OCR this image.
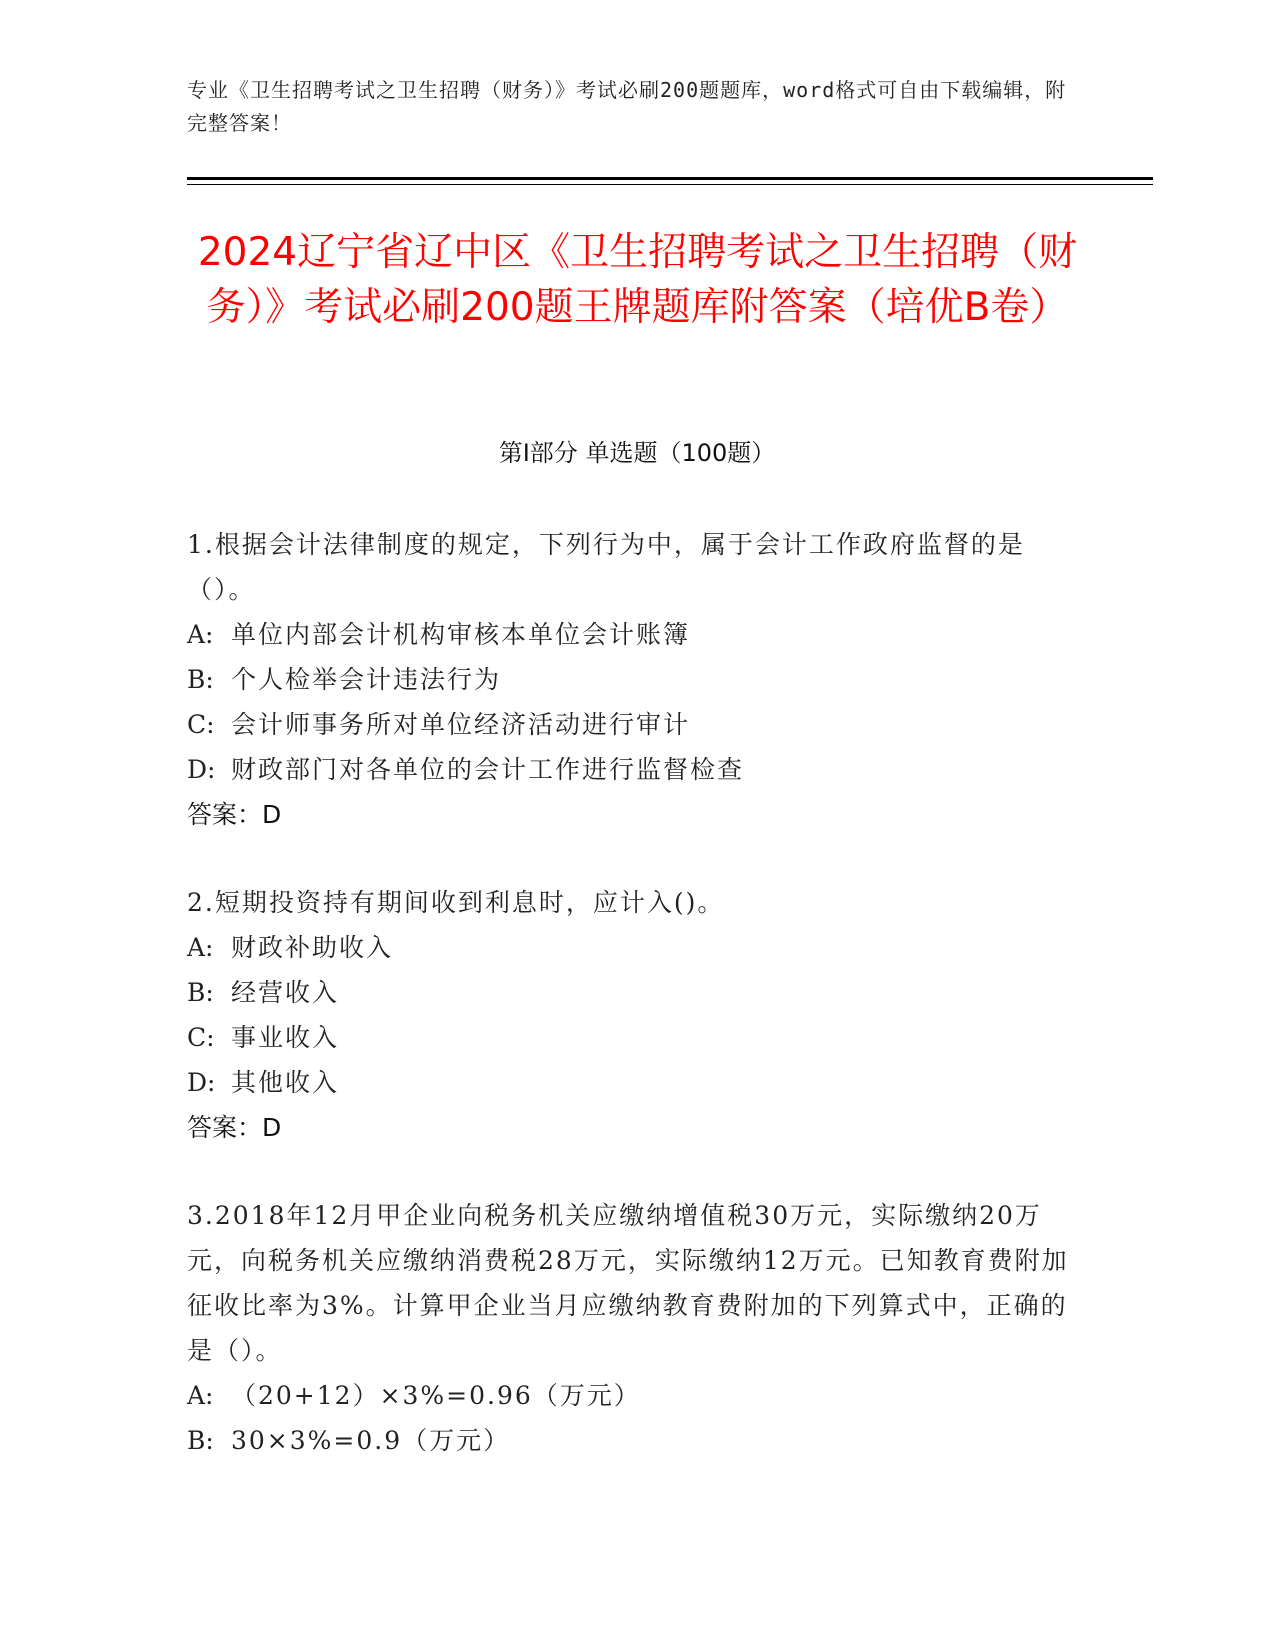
专业《卫生招聘考试之卫生招聘（财务）》考试必刷200题题库，word格式可自由下载编辑，附完整答案！

2024辽宁省辽中区《卫生招聘考试之卫生招聘（财务）》考试必刷200题王牌题库附答案（培优B卷）
第Ⅰ部分 单选题（100题）

1.根据会计法律制度的规定，下列行为中，属于会计工作政府监督的是（）。

A: 单位内部会计机构审核本单位会计账簿
B: 个人检举会计违法行为
C: 会计师事务所对单位经济活动进行审计
D: 财政部门对各单位的会计工作进行监督检查

答案：D

2.短期投资持有期间收到利息时，应计入()。

A: 财政补助收入
B: 经营收入
C: 事业收入
D: 其他收入

答案：D

3.2018年12月甲企业向税务机关应缴纳增值税30万元，实际缴纳20万元，向税务机关应缴纳消费税28万元，实际缴纳12万元。已知教育费附加征收比率为3%。计算甲企业当月应缴纳教育费附加的下列算式中，正确的是（）。

A: （20+12）×3%=0.96（万元）
B: 30×3%=0.9（万元）
